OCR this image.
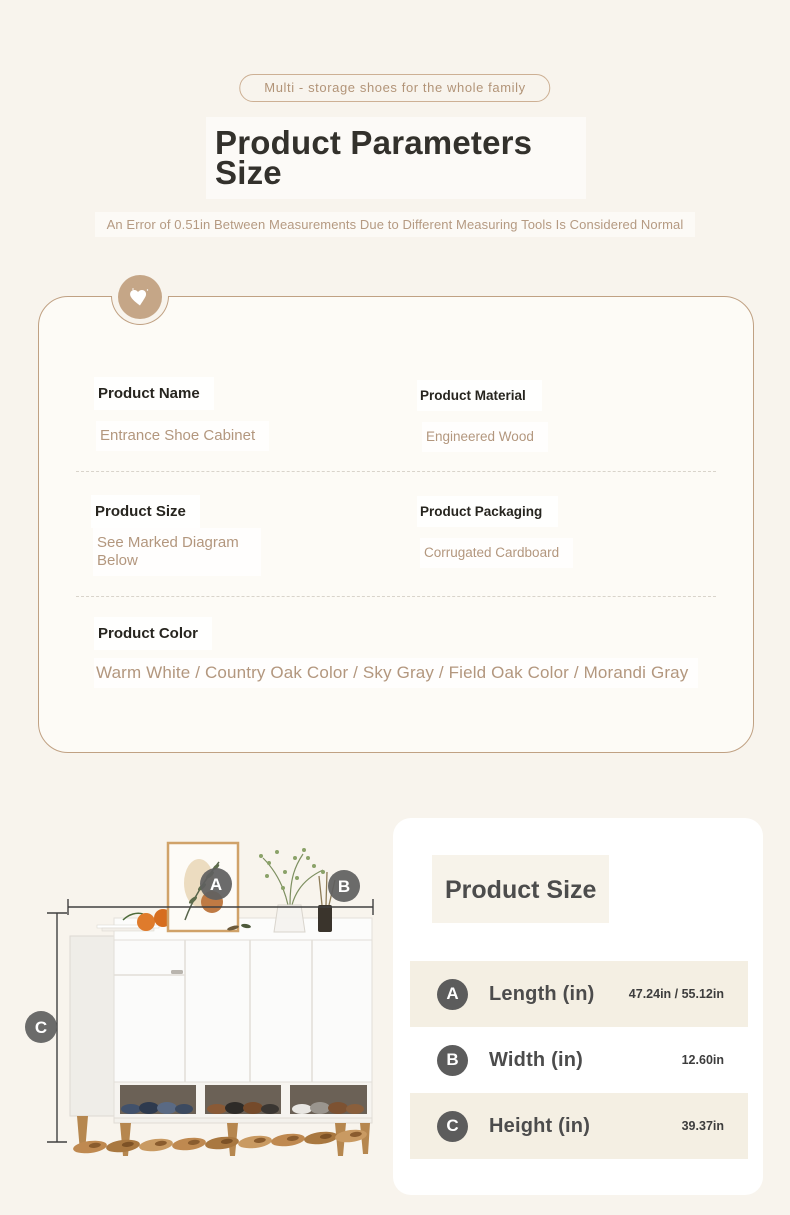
Multi - storage shoes for the whole family
Product Parameters
Size
An Error of 0.51in Between Measurements Due to Different Measuring Tools Is Considered Normal
Product Name
Entrance Shoe Cabinet
Product Material
Engineered Wood
Product Size
See Marked Diagram Below
Product Packaging
Corrugated Cardboard
Product Color
Warm White / Country Oak Color / Sky Gray / Field Oak Color / Morandi Gray
A	B
C
Product Size
A	Length (in)	47.24in / 55.12in
B	Width (in)	12.60in
C	Height (in)	39.37in
